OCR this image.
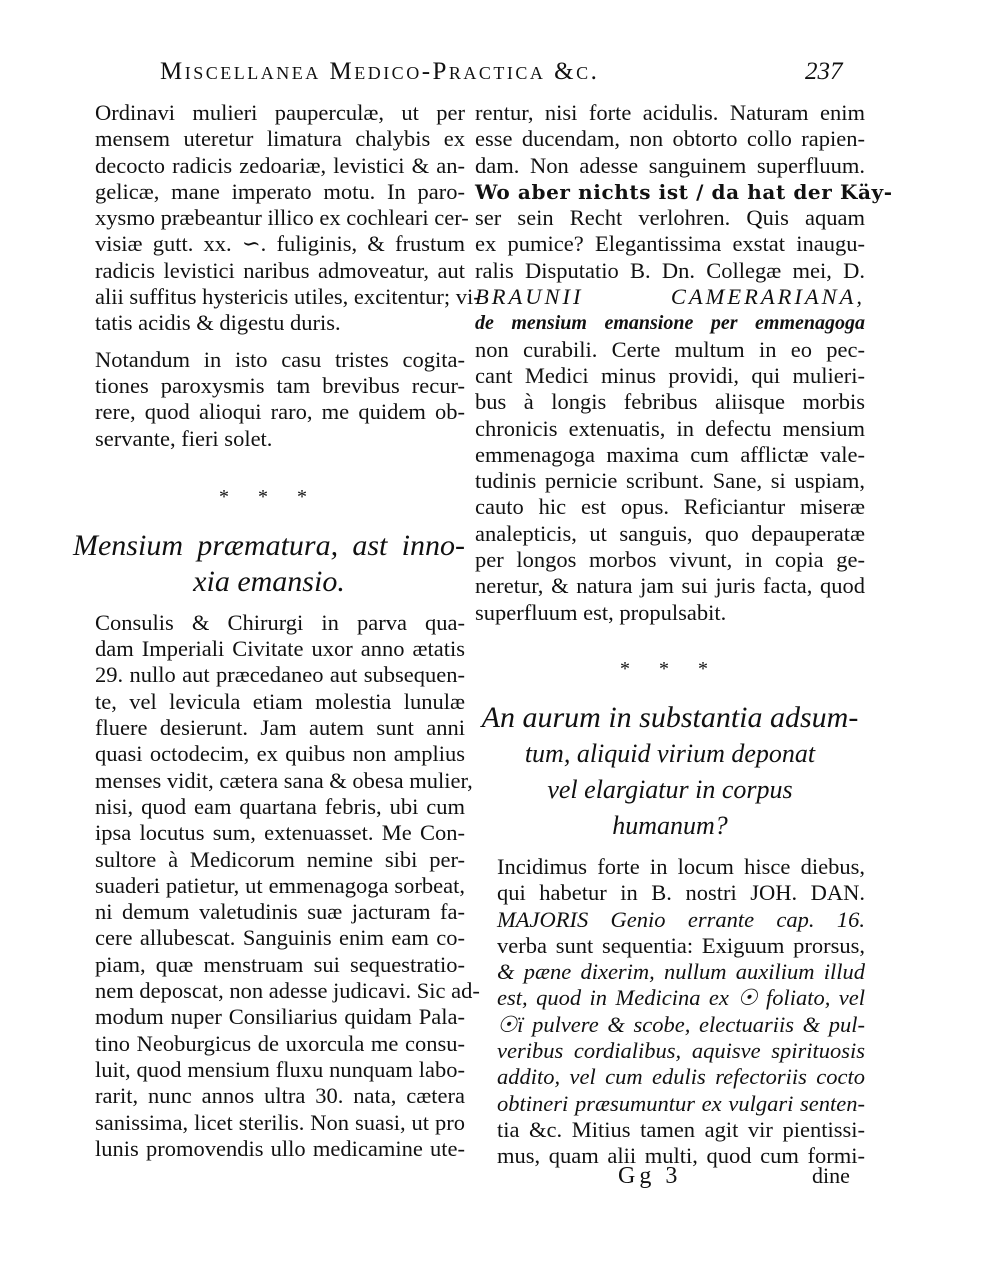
Miscellanea Medico-Practica &c.	237

Ordinavi mulieri pauperculæ, ut per
mensem uteretur limatura chalybis ex
decocto radicis zedoariæ, levistici & an-
gelicæ, mane imperato motu. In paro-
xysmo præbeantur illico ex cochleari cer-
visiæ gutt. xx. ∽. fuliginis, & frustum
radicis levistici naribus admoveatur, aut
alii suffitus hystericis utiles, excitentur; vi-
tatis acidis & digestu duris.

Notandum in isto casu tristes cogita-
tiones paroxysmis tam brevibus recur-
rere, quod alioqui raro, me quidem ob-
servante, fieri solet.

* * *
Mensium præmatura, ast inno-
xia emansio.

Consulis & Chirurgi in parva qua-
dam Imperiali Civitate uxor anno ætatis
29. nullo aut præcedaneo aut subsequen-
te, vel levicula etiam molestia lunulæ
fluere desierunt. Jam autem sunt anni
quasi octodecim, ex quibus non amplius
menses vidit, cætera sana & obesa mulier,
nisi, quod eam quartana febris, ubi cum
ipsa locutus sum, extenuasset. Me Con-
sultore à Medicorum nemine sibi per-
suaderi patietur, ut emmenagoga sorbeat,
ni demum valetudinis suæ jacturam fa-
cere allubescat. Sanguinis enim eam co-
piam, quæ menstruam sui sequestratio-
nem deposcat, non adesse judicavi. Sic ad-
modum nuper Consiliarius quidam Pala-
tino Neoburgicus de uxorcula me consu-
luit, quod mensium fluxu nunquam labo-
rarit, nunc annos ultra 30. nata, cætera
sanissima, licet sterilis. Non suasi, ut pro
lunis promovendis ullo medicamine ute-

rentur, nisi forte acidulis. Naturam enim
esse ducendam, non obtorto collo rapien-
dam. Non adesse sanguinem superfluum.
Wo aber nichts ist / da hat der Käy-
ser sein Recht verlohren. Quis aquam
ex pumice? Elegantissima exstat inaugu-
ralis Disputatio B. Dn. Collegæ mei, D.
BRAUNII CAMERARIANA,
de mensium emansione per emmenagoga
non curabili. Certe multum in eo pec-
cant Medici minus providi, qui mulieri-
bus à longis febribus aliisque morbis
chronicis extenuatis, in defectu mensium
emmenagoga maxima cum afflictæ vale-
tudinis pernicie scribunt. Sane, si uspiam,
cauto hic est opus. Reficiantur miseræ
analepticis, ut sanguis, quo depauperatæ
per longos morbos vivunt, in copia ge-
neretur, & natura jam sui juris facta, quod
superfluum est, propulsabit.

* * *
An aurum in substantia adsum-
tum, aliquid virium deponat
vel elargiatur in corpus
humanum?

Incidimus forte in locum hisce diebus,
qui habetur in B. nostri JOH. DAN.
MAJORIS Genio errante cap. 16.
verba sunt sequentia: Exiguum prorsus,
& pæne dixerim, nullum auxilium illud
est, quod in Medicina ex ☉ foliato, vel
☉ï pulvere & scobe, electuariis & pul-
veribus cordialibus, aquisve spirituosis
addito, vel cum edulis refectoriis cocto
obtineri præsumuntur ex vulgari senten-
tia &c. Mitius tamen agit vir pientissi-
mus, quam alii multi, quod cum formi-

Gg 3	dine
